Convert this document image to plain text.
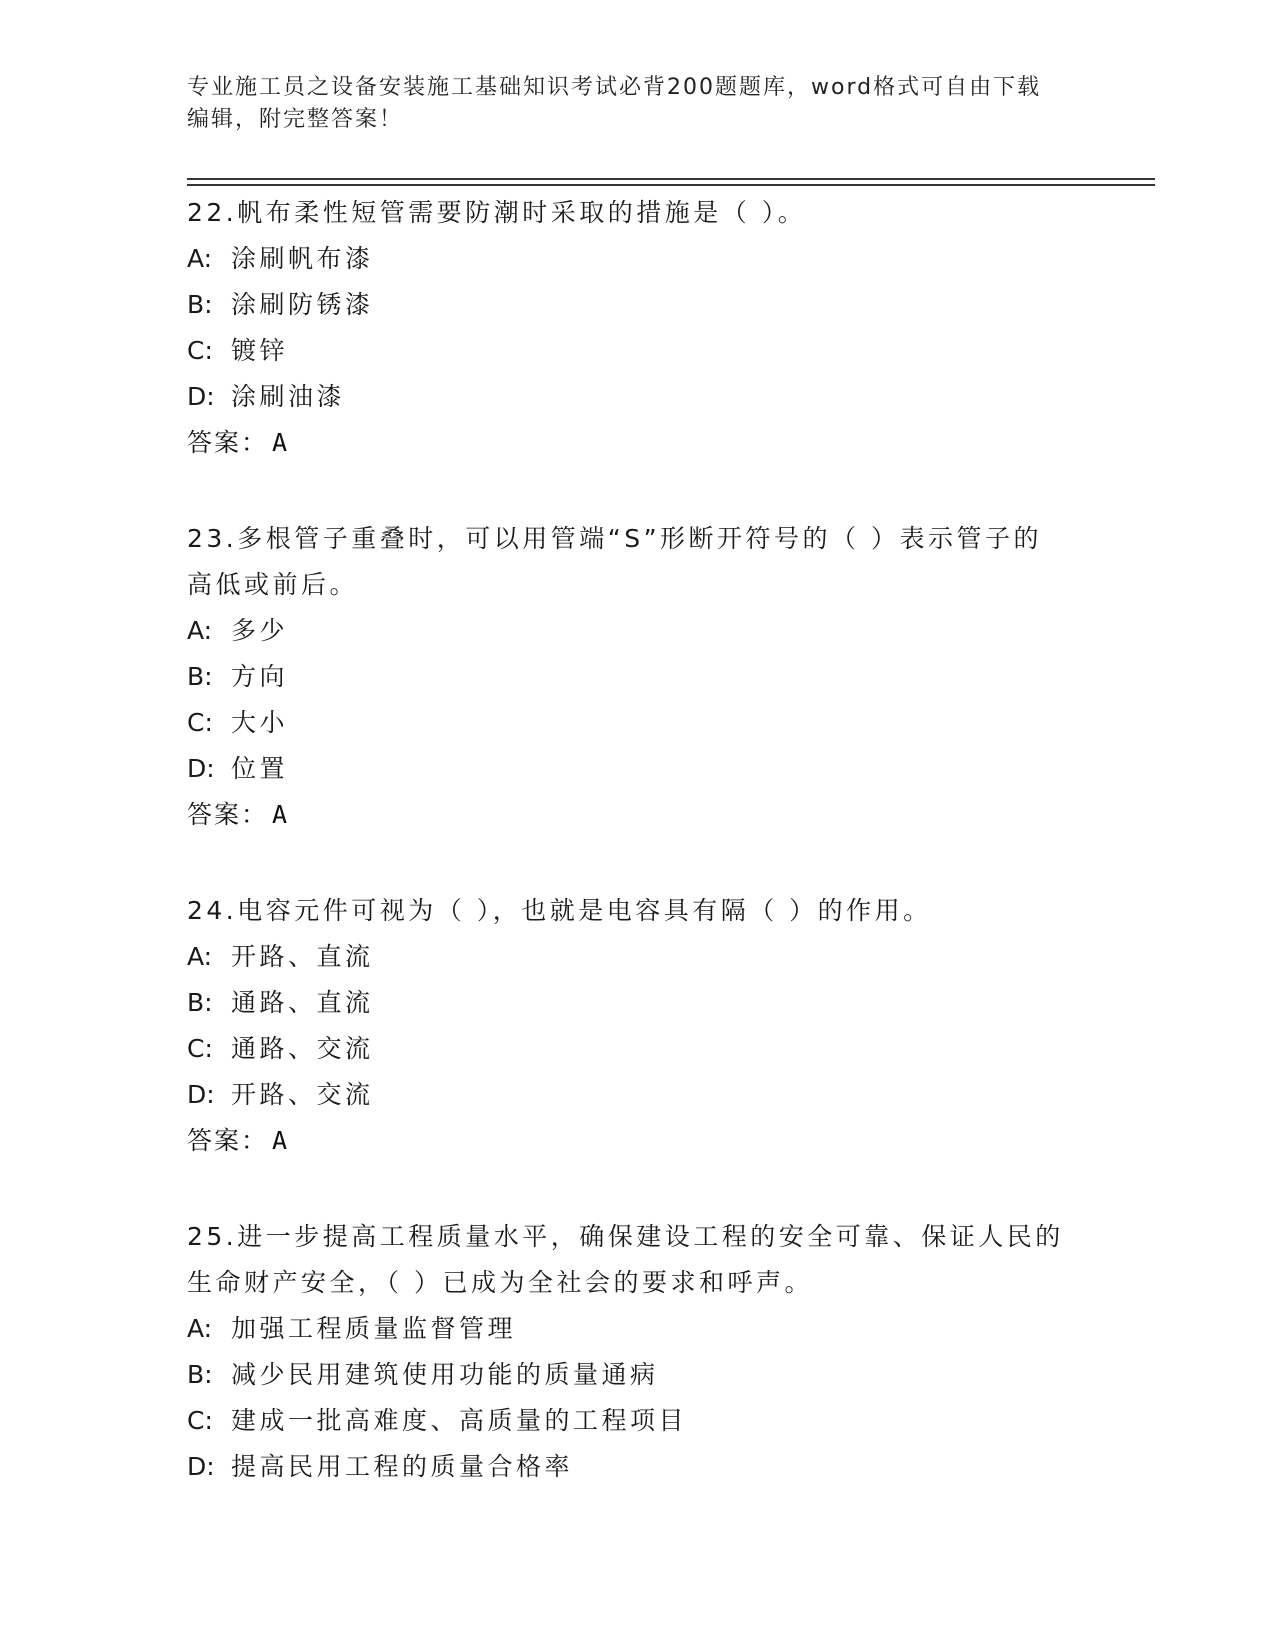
专业施工员之设备安装施工基础知识考试必背200题题库，word格式可自由下载

编辑，附完整答案！

22.帆布柔性短管需要防潮时采取的措施是（ ）。
A: 涂刷帆布漆
B: 涂刷防锈漆
C: 镀锌
D: 涂刷油漆
答案： A
23.多根管子重叠时，可以用管端“S”形断开符号的（ ）表示管子的
高低或前后。
A: 多少
B: 方向
C: 大小
D: 位置
答案： A
24.电容元件可视为（ ），也就是电容具有隔（ ）的作用。
A: 开路、直流
B: 通路、直流
C: 通路、交流
D: 开路、交流
答案： A
25.进一步提高工程质量水平，确保建设工程的安全可靠、保证人民的
生命财产安全，（ ）已成为全社会的要求和呼声。
A: 加强工程质量监督管理
B: 减少民用建筑使用功能的质量通病
C: 建成一批高难度、高质量的工程项目
D: 提高民用工程的质量合格率
